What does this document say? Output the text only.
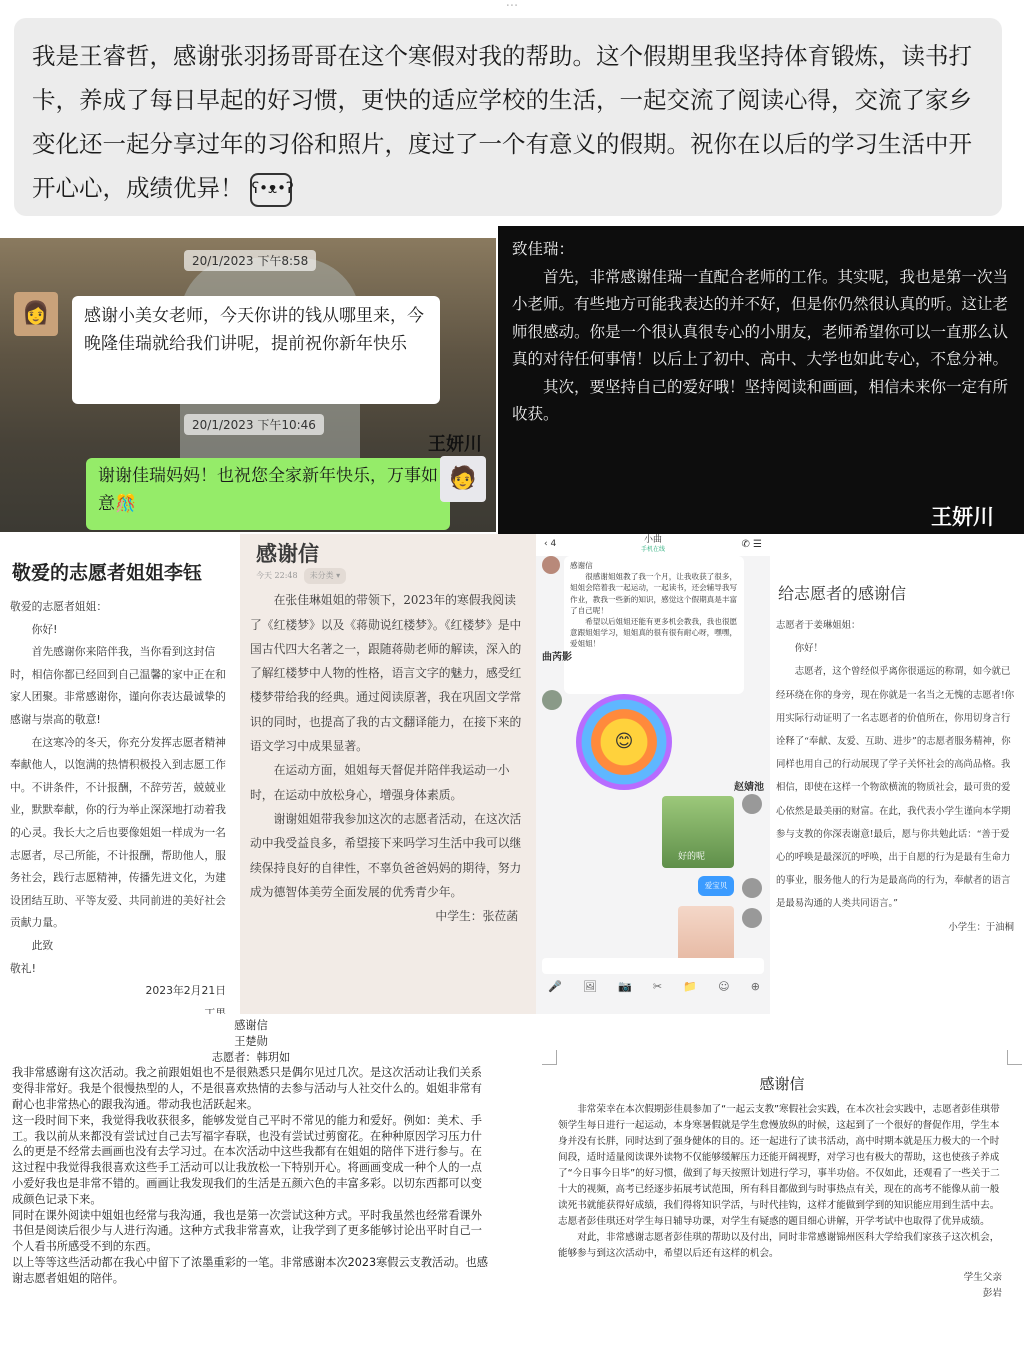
...
我是王睿哲，感谢张羽扬哥哥在这个寒假对我的帮助。这个假期里我坚持体育锻炼，读书打卡，养成了每日早起的好习惯，更快的适应学校的生活，一起交流了阅读心得，交流了家乡变化还一起分享过年的习俗和照片，度过了一个有意义的假期。祝你在以后的学习生活中开开心心，成绩优异！ ʕ•ᴥ•ʔ
20/1/2023 下午8:58
👩	感谢小美女老师，今天你讲的钱从哪里来，今晚隆佳瑞就给我们讲呢，提前祝你新年快乐
20/1/2023 下午10:46
王妍川
谢谢佳瑞妈妈！也祝您全家新年快乐，万事如意🎊
🧑
致佳瑞：
　　首先，非常感谢佳瑞一直配合老师的工作。其实呢，我也是第一次当小老师。有些地方可能我表达的并不好，但是你仍然很认真的听。这让老师很感动。你是一个很认真很专心的小朋友，老师希望你可以一直那么认真的对待任何事情！以后上了初中、高中、大学也如此专心，不怠分神。
　　其次，要坚持自己的爱好哦！坚持阅读和画画，相信未来你一定有所收获。
王妍川
敬爱的志愿者姐姐李钰
敬爱的志愿者姐姐：
你好!
首先感谢你来陪伴我，当你看到这封信时，相信你都已经回到自己温馨的家中正在和家人团聚。非常感谢你，谨向你表达最诚挚的感谢与崇高的敬意!
在这寒冷的冬天，你充分发挥志愿者精神奉献他人，以饱满的热情积极投入到志愿工作中。不讲条件，不计报酬，不辞劳苦，兢兢业业，默默奉献，你的行为举止深深地打动着我的心灵。我长大之后也要像姐姐一样成为一名志愿者，尽己所能，不计报酬，帮助他人，服务社会，践行志愿精神，传播先进文化，为建设团结互助、平等友爱、共同前进的美好社会贡献力量。
此致
敬礼!
2023年2月21日
感谢信
今天 22:48 未分类 ▾
在张佳琳姐姐的带领下，2023年的寒假我阅读了《红楼梦》以及《蒋勋说红楼梦》。《红楼梦》是中国古代四大名著之一，跟随蒋勋老师的解读，深入的了解红楼梦中人物的性格，语言文字的魅力，感受红楼梦带给我的经典。通过阅读原著，我在巩固文学常识的同时，也提高了我的古文翻译能力，在接下来的语文学习中成果显著。
在运动方面，姐姐每天督促并陪伴我运动一小时，在运动中放松身心，增强身体素质。
谢谢姐姐带我参加这次的志愿者活动，在这次活动中我受益良多，希望接下来吗学习生活中我可以继续保持良好的自律性，不辜负爸爸妈妈的期待，努力成为德智体美劳全面发展的优秀青少年。
中学生：张莅菡
‹ 4	小曲
手机在线	✆ ☰
感谢信
　　很感谢姐姐教了我一个月，让我收获了很多，姐姐会陪着我一起运动，一起读书，还会辅导我写作业，教我一些新的知识，感觉这个假期真是丰富了自己呢！
　　希望以后姐姐还能有更多机会教我，我也很愿意跟姐姐学习，姐姐真的很有很有耐心呀，嘿嘿，爱姐姐！
曲芮影
😊
赵婧池
好的呢
爱宝贝
🎤 🖼 📷 ✂ 📁 ☺ ⊕
给志愿者的感谢信
志愿者于姜琳姐姐：
你好！
志愿者，这个曾经似乎离你很遥远的称谓，如今就已经环绕在你的身旁，现在你就是一名当之无愧的志愿者!你用实际行动证明了一名志愿者的价值所在，你用切身言行诠释了“奉献、友爱、互助、进步”的志愿者服务精神，你同样也用自己的行动展现了学子关怀社会的高尚品格。我相信，即使在这样一个物欲横流的物质社会，最可贵的爱心依然是最美丽的财富。在此，我代表小学生谨向本学期参与支教的你深表谢意!最后，愿与你共勉此话：“善于爱心的呼唤是最深沉的呼唤，出于自愿的行为是最有生命力的事业，服务他人的行为是最高尚的行为，奉献者的语言是最易沟通的人类共同语言。”
小学生：于油桐
感谢信
王楚勋
志愿者：韩玥如
我非常感谢有这次活动。我之前跟姐姐也不是很熟悉只是偶尔见过几次。是这次活动让我们关系变得非常好。我是个很慢热型的人，不是很喜欢热情的去参与活动与人社交什么的。姐姐非常有耐心也非常热心的跟我沟通。带动我也活跃起来。
这一段时间下来，我觉得我收获很多，能够发觉自己平时不常见的能力和爱好。例如：美术、手工。我以前从来都没有尝试过自己去写福字春联，也没有尝试过剪窗花。在种种原因学习压力什么的更是不经常去画画也没有去学习过。在本次活动中这些我都有在姐姐的陪伴下进行参与。在这过程中我觉得我很喜欢这些手工活动可以让我放松一下特别开心。将画画变成一种个人的一点小爱好我也是非常不错的。画画让我发现我们的生活是五颜六色的丰富多彩。以切东西都可以变成颜色记录下来。
同时在课外阅读中姐姐也经常与我沟通，我也是第一次尝试这种方式。平时我虽然也经常看课外书但是阅读后很少与人进行沟通。这种方式我非常喜欢，让我学到了更多能够讨论出平时自己一个人看书所感受不到的东西。
以上等等这些活动都在我心中留下了浓墨重彩的一笔。非常感谢本次2023寒假云支教活动。也感谢志愿者姐姐的陪伴。
感谢信
非常荣幸在本次假期彭佳晨参加了“一起云支教”寒假社会实践，在本次社会实践中，志愿者彭佳琪带领学生每日进行一起运动，本身寒暑假就是学生怠慢放纵的时候，这起到了一个很好的督促作用，学生本身并没有长胖，同时达到了强身健体的目的。还一起进行了读书活动，高中时期本就是压力极大的一个时间段，适时适量阅读课外读物不仅能够缓解压力还能开阔视野，对学习也有极大的帮助，这也使孩子养成了“今日事今日毕”的好习惯，做到了每天按照计划进行学习，事半功倍。不仅如此，还观看了一些关于二十大的视频，高考已经逐步拓展考试范围，所有科目都做到与时事热点有关，现在的高考不能像从前一般读死书就能获得好成绩，我们得将知识学活，与时代挂钩，这样才能做到学到的知识能应用到生活中去。志愿者彭佳琪还对学生每日辅导功课，对学生有疑惑的题目细心讲解，开学考试中也取得了优异成绩。
对此，非常感谢志愿者彭佳琪的帮助以及付出，同时非常感谢锦州医科大学给我们家孩子这次机会，能够参与到这次活动中，希望以后还有这样的机会。
学生父亲
彭岩
